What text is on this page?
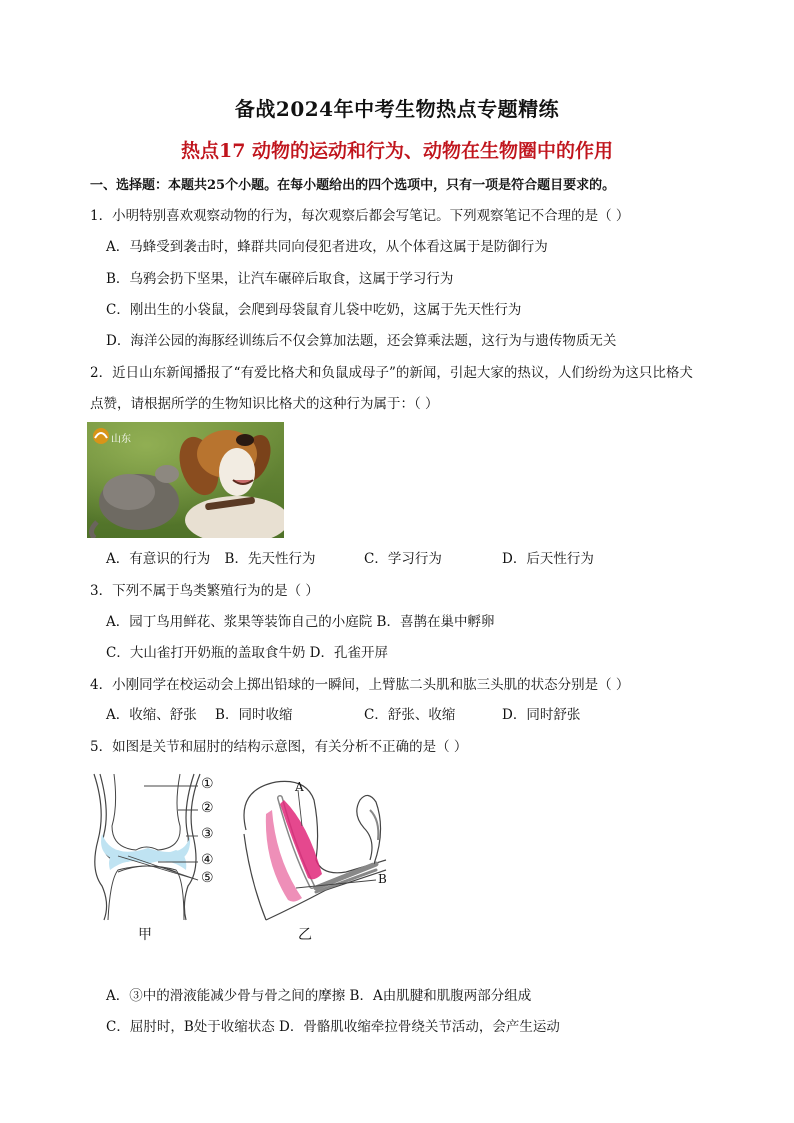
备战2024年中考生物热点专题精练
热点17 动物的运动和行为、动物在生物圈中的作用
一、选择题：本题共25个小题。在每小题给出的四个选项中，只有一项是符合题目要求的。
1．小明特别喜欢观察动物的行为，每次观察后都会写笔记。下列观察笔记不合理的是（ ）
A．马蜂受到袭击时，蜂群共同向侵犯者进攻，从个体看这属于是防御行为
B．乌鸦会扔下坚果，让汽车碾碎后取食，这属于学习行为
C．刚出生的小袋鼠，会爬到母袋鼠育儿袋中吃奶，这属于先天性行为
D．海洋公园的海豚经训练后不仅会算加法题，还会算乘法题，这行为与遗传物质无关
2．近日山东新闻播报了“有爱比格犬和负鼠成母子”的新闻，引起大家的热议，人们纷纷为这只比格犬
点赞，请根据所学的生物知识比格犬的这种行为属于：（ ）
山东
A．有意识的行为 B．先天性行为	C．学习行为	D．后天性行为
3．下列不属于鸟类繁殖行为的是（ ）
A．园丁鸟用鲜花、浆果等装饰自己的小庭院 B．喜鹊在巢中孵卵
C．大山雀打开奶瓶的盖取食牛奶 D．孔雀开屏
4．小刚同学在校运动会上掷出铅球的一瞬间，上臂肱二头肌和肱三头肌的状态分别是（ ）
A．收缩、舒张 B．同时收缩	C．舒张、收缩	D．同时舒张
5．如图是关节和屈肘的结构示意图，有关分析不正确的是（ ）
①
②
③
④
⑤
甲	乙
A
B
A．③中的滑液能减少骨与骨之间的摩擦 B．A由肌腱和肌腹两部分组成
C．屈肘时，B处于收缩状态 D．骨骼肌收缩牵拉骨绕关节活动，会产生运动
